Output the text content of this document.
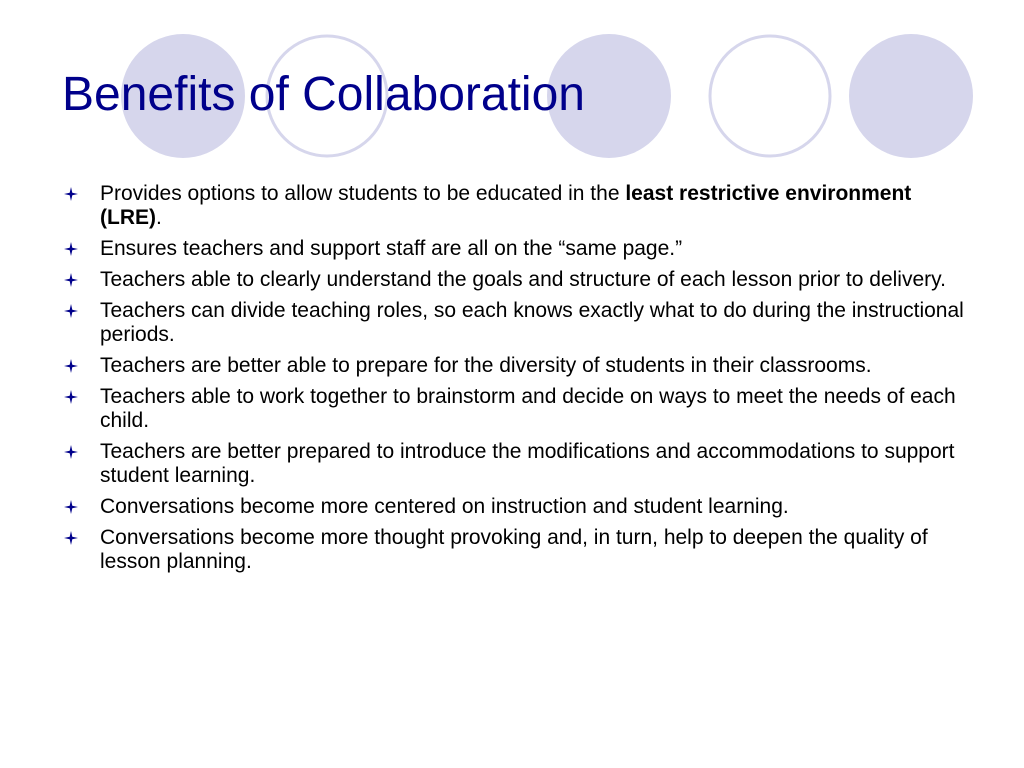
Benefits of Collaboration
Provides options to allow students to be educated in the least restrictive environment (LRE).
Ensures teachers and support staff are all on the “same page.”
Teachers able to clearly understand the goals and structure of each lesson prior to delivery.
Teachers can divide teaching roles, so each knows exactly what to do during the instructional periods.
Teachers are better able to prepare for the diversity of students in their classrooms.
Teachers able to work together to brainstorm and decide on ways to meet the needs of each child.
Teachers are better prepared to introduce the modifications and accommodations to support student learning.
Conversations become more centered on instruction and student learning.
Conversations become more thought provoking and, in turn, help to deepen the quality of lesson planning.
